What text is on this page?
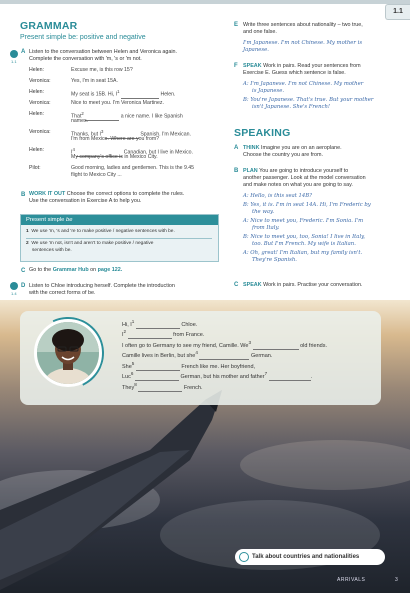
1.1
GRAMMAR
Present simple be: positive and negative
1.1
A Listen to the conversation between Helen and Veronica again.
Complete the conversation with 'm, 's or 'm not.
Helen:	Excuse me, is this row 15?
Veronica:	Yes, I'm in seat 15A.
Helen:	My seat is 15B. Hi, $I^1$  Helen.
Veronica:	Nice to meet you. I'm Veronica Martinez.
Helen:	That$^2$  a nice name. I like Spanish
names.
Veronica:	Thanks, but $I^3$  Spanish. I'm Mexican.
I'm from Mexico. Where are you from?
Helen:	$I^4$  Canadian, but I live in Mexico.
My company's office is in Mexico City.
Pilot:	Good morning, ladies and gentlemen. This is the 9.45
flight to Mexico City ...
B WORK IT OUT Choose the correct options to complete the rules.
Use the conversation in Exercise A to help you.
Present simple be
1 We use 'm, 's and 're to make positive / negative sentences with be.
2 We use 'm not, isn't and aren't to make positive / negative
sentences with be.
C Go to the Grammar Hub on page 122.
1.4
D Listen to Chloe introducing herself. Complete the introduction
with the correct forms of be.
E Write three sentences about nationality – two true,
and one false.
I'm Japanese. I'm not Chinese. My mother is
Japanese.
F SPEAK Work in pairs. Read your sentences from
Exercise E. Guess which sentence is false.
A: I'm Japanese. I'm not Chinese. My mother
is Japanese.
B: You're Japanese. That's true. But your mother
isn't Japanese. She's French!
SPEAKING
A THINK Imagine you are on an aeroplane.
Choose the country you are from.
B PLAN You are going to introduce yourself to
another passenger. Look at the model conversation
and make notes on what you are going to say.
A: Hello, is this seat 14B?
B: Yes, it is. I'm in seat 14A. Hi, I'm Frederic by
the way.
A: Nice to meet you, Frederic. I'm Sonia. I'm
from Italy.
B: Nice to meet you, too, Sonia! I live in Italy,
too. But I'm French. My wife is Italian.
A: Oh, great! I'm Italian, but my family isn't.
They're Spanish.
C SPEAK Work in pairs. Practise your conversation.
Hi, $I^1$  Chloe.
$I^2$  from France.
I often go to Germany to see my friend, Camille. We$^3$  old friends.
Camille lives in Berlin, but she$^4$  German.
She$^5$  French like me. Her boyfriend,
Luc$^6$  German, but his mother and father$^7$ .
They$^8$  French.
Talk about countries and nationalities
ARRIVALS	3
